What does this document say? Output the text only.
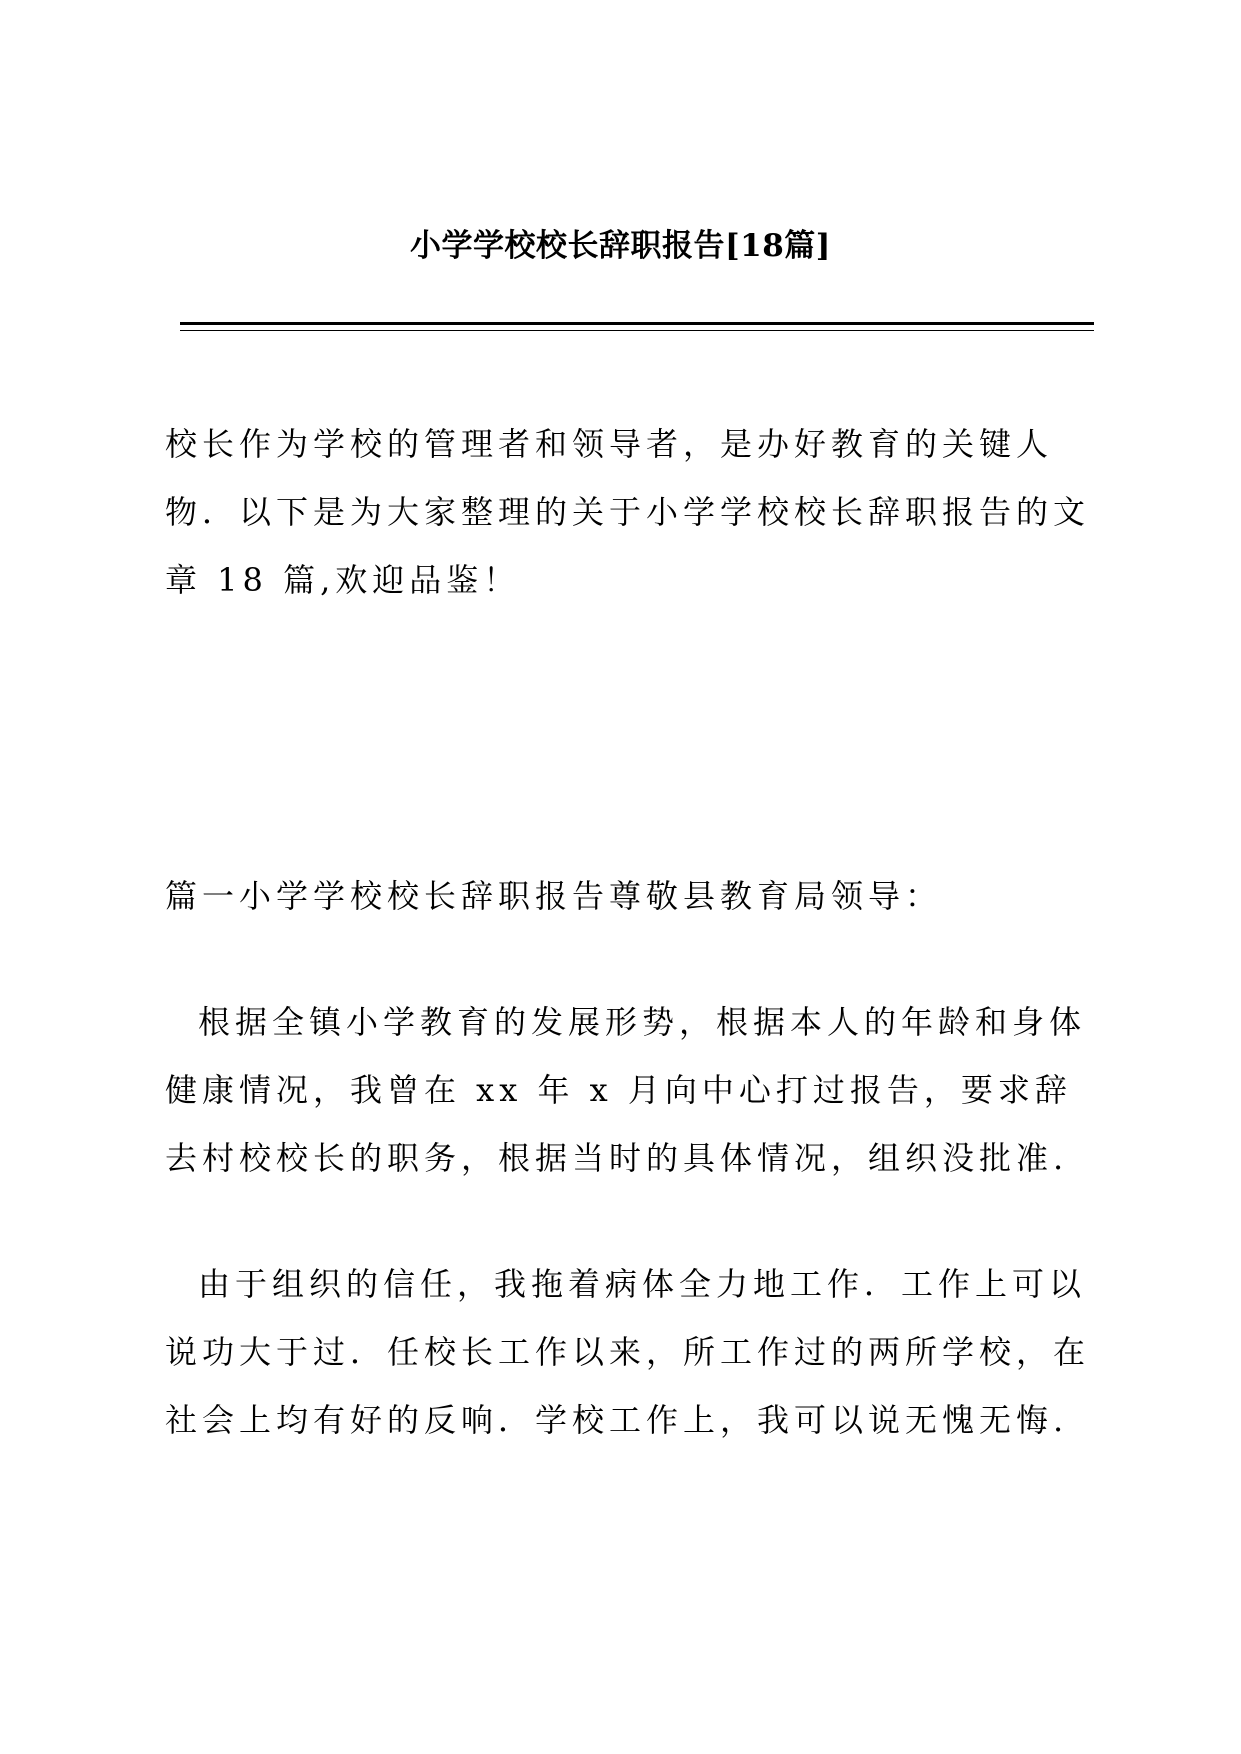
小学学校校长辞职报告[18篇]

校长作为学校的管理者和领导者，是办好教育的关键人物．以下是为大家整理的关于小学学校校长辞职报告的文章 18 篇,欢迎品鉴！

篇一小学学校校长辞职报告尊敬县教育局领导：

根据全镇小学教育的发展形势，根据本人的年龄和身体健康情况，我曾在 xx 年 x 月向中心打过报告，要求辞去村校校长的职务，根据当时的具体情况，组织没批准.

由于组织的信任，我拖着病体全力地工作．工作上可以说功大于过．任校长工作以来，所工作过的两所学校，在社会上均有好的反响．学校工作上，我可以说无愧无悔.
